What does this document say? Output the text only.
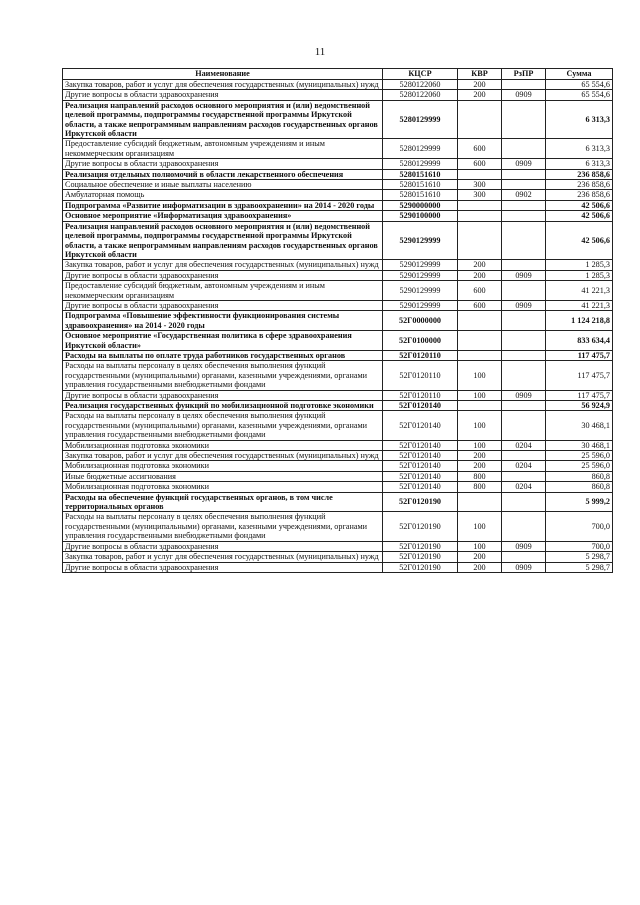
11
Наименование	КЦСР	КВР	РзПР	Сумма
Закупка товаров, работ и услуг для обеспечения государственных (муниципальных) нужд	5280122060	200		65 554,6
Другие вопросы в области здравоохранения	5280122060	200	0909	65 554,6
Реализация направлений расходов основного мероприятия и (или) ведомственной целевой программы, подпрограммы государственной программы Иркутской области, а также непрограммным направлениям расходов государственных органов Иркутской области	5280129999			6 313,3
Предоставление субсидий бюджетным, автономным учреждениям и иным некоммерческим организациям	5280129999	600		6 313,3
Другие вопросы в области здравоохранения	5280129999	600	0909	6 313,3
Реализация отдельных полномочий в области лекарственного обеспечения	5280151610			236 858,6
Социальное обеспечение и иные выплаты населению	5280151610	300		236 858,6
Амбулаторная помощь	5280151610	300	0902	236 858,6
Подпрограмма «Развитие информатизации в здравоохранении» на 2014 - 2020 годы	5290000000			42 506,6
Основное мероприятие «Информатизация здравоохранения»	5290100000			42 506,6
Реализация направлений расходов основного мероприятия и (или) ведомственной целевой программы, подпрограммы государственной программы Иркутской области, а также непрограммным направлениям расходов государственных органов Иркутской области	5290129999			42 506,6
Закупка товаров, работ и услуг для обеспечения государственных (муниципальных) нужд	5290129999	200		1 285,3
Другие вопросы в области здравоохранения	5290129999	200	0909	1 285,3
Предоставление субсидий бюджетным, автономным учреждениям и иным некоммерческим организациям	5290129999	600		41 221,3
Другие вопросы в области здравоохранения	5290129999	600	0909	41 221,3
Подпрограмма «Повышение эффективности функционирования системы здравоохранения» на 2014 - 2020 годы	52Г0000000			1 124 218,8
Основное мероприятие «Государственная политика в сфере здравоохранения Иркутской области»	52Г0100000			833 634,4
Расходы на выплаты по оплате труда работников государственных органов	52Г0120110			117 475,7
Расходы на выплаты персоналу в целях обеспечения выполнения функций государственными (муниципальными) органами, казенными учреждениями, органами управления государственными внебюджетными фондами	52Г0120110	100		117 475,7
Другие вопросы в области здравоохранения	52Г0120110	100	0909	117 475,7
Реализация государственных функций по мобилизационной подготовке экономики	52Г0120140			56 924,9
Расходы на выплаты персоналу в целях обеспечения выполнения функций государственными (муниципальными) органами, казенными учреждениями, органами управления государственными внебюджетными фондами	52Г0120140	100		30 468,1
Мобилизационная подготовка экономики	52Г0120140	100	0204	30 468,1
Закупка товаров, работ и услуг для обеспечения государственных (муниципальных) нужд	52Г0120140	200		25 596,0
Мобилизационная подготовка экономики	52Г0120140	200	0204	25 596,0
Иные бюджетные ассигнования	52Г0120140	800		860,8
Мобилизационная подготовка экономики	52Г0120140	800	0204	860,8
Расходы на обеспечение функций государственных органов, в том числе территориальных органов	52Г0120190			5 999,2
Расходы на выплаты персоналу в целях обеспечения выполнения функций государственными (муниципальными) органами, казенными учреждениями, органами управления государственными внебюджетными фондами	52Г0120190	100		700,0
Другие вопросы в области здравоохранения	52Г0120190	100	0909	700,0
Закупка товаров, работ и услуг для обеспечения государственных (муниципальных) нужд	52Г0120190	200		5 298,7
Другие вопросы в области здравоохранения	52Г0120190	200	0909	5 298,7
